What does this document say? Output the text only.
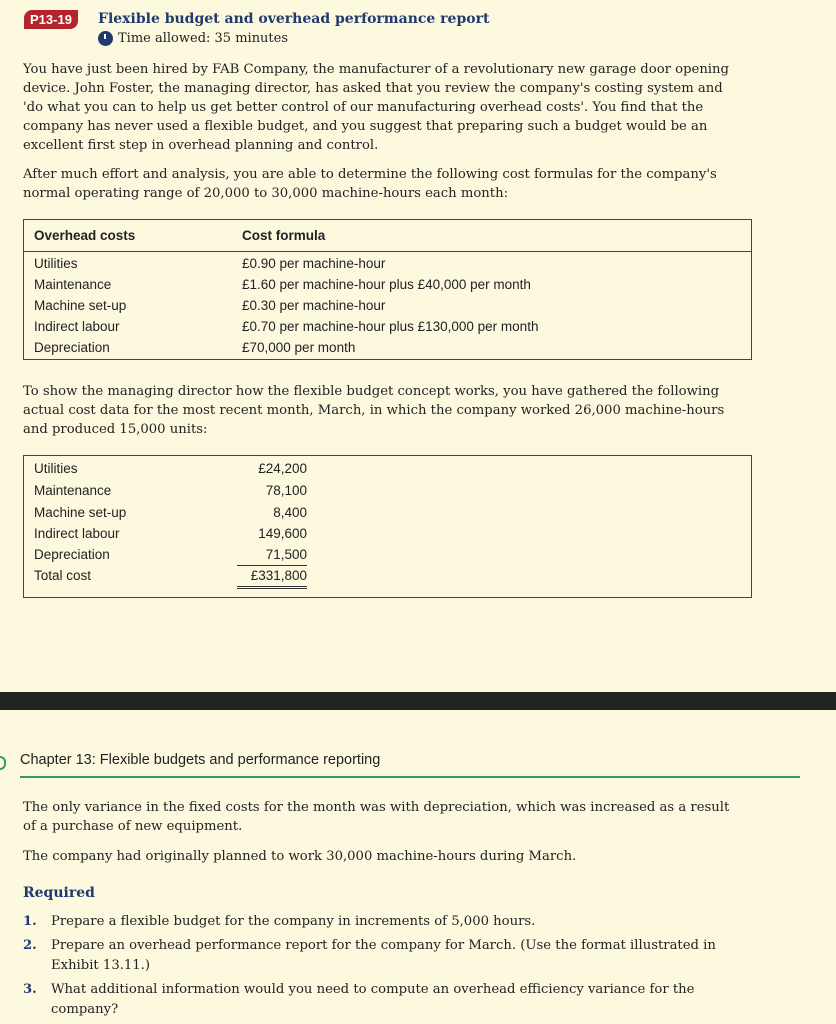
P13-19	Flexible budget and overhead performance report
Time allowed: 35 minutes

You have just been hired by FAB Company, the manufacturer of a revolutionary new garage door opening device. John Foster, the managing director, has asked that you review the company's costing system and 'do what you can to help us get better control of our manufacturing overhead costs'. You find that the company has never used a flexible budget, and you suggest that preparing such a budget would be an excellent first step in overhead planning and control.

After much effort and analysis, you are able to determine the following cost formulas for the company's normal operating range of 20,000 to 30,000 machine-hours each month:

Overhead costs	Cost formula
Utilities	£0.90 per machine-hour
Maintenance	£1.60 per machine-hour plus £40,000 per month
Machine set-up	£0.30 per machine-hour
Indirect labour	£0.70 per machine-hour plus £130,000 per month
Depreciation	£70,000 per month

To show the managing director how the flexible budget concept works, you have gathered the following actual cost data for the most recent month, March, in which the company worked 26,000 machine-hours and produced 15,000 units:

Utilities	£24,200
Maintenance	78,100
Machine set-up	8,400
Indirect labour	149,600
Depreciation	71,500
Total cost	£331,800
Chapter 13: Flexible budgets and performance reporting

The only variance in the fixed costs for the month was with depreciation, which was increased as a result of a purchase of new equipment.

The company had originally planned to work 30,000 machine-hours during March.

Required
1. Prepare a flexible budget for the company in increments of 5,000 hours.
2. Prepare an overhead performance report for the company for March. (Use the format illustrated in Exhibit 13.11.)
3. What additional information would you need to compute an overhead efficiency variance for the company?
